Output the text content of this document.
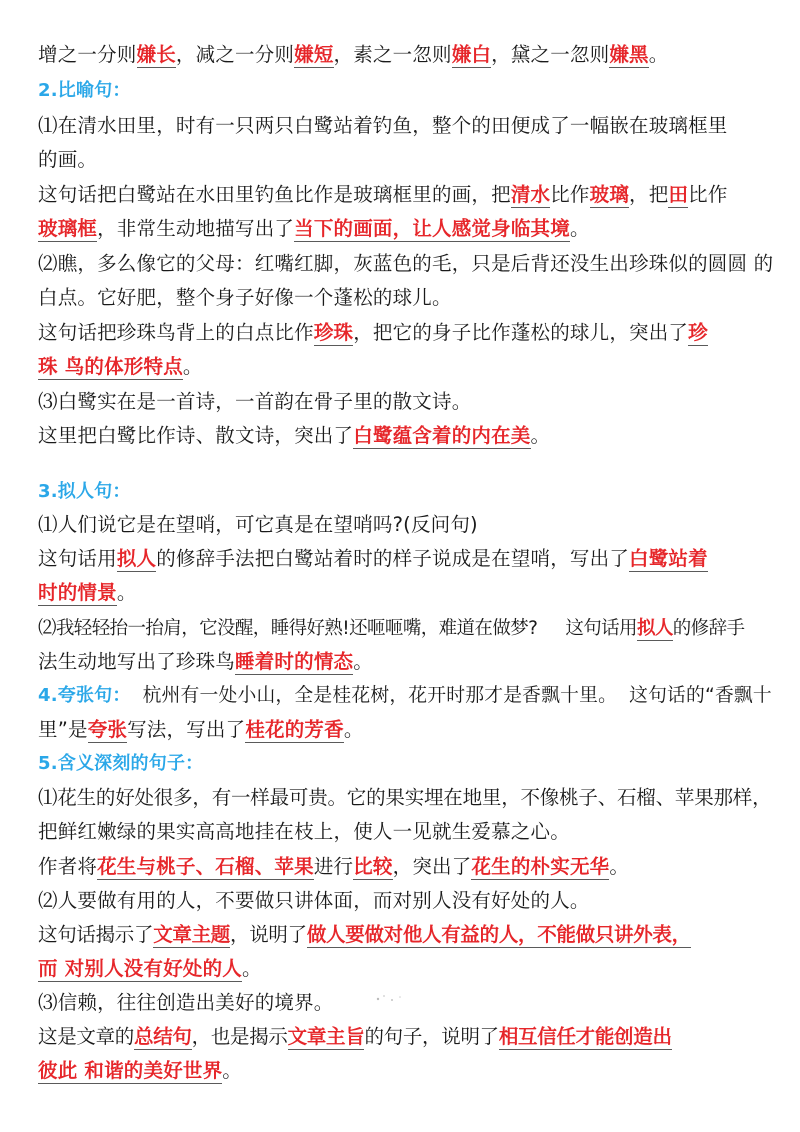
增之一分则嫌长，减之一分则嫌短，素之一忽则嫌白，黛之一忽则嫌黑。
2.比喻句：
⑴在清水田里，时有一只两只白鹭站着钓鱼，整个的田便成了一幅嵌在玻璃框里
的画。
这句话把白鹭站在水田里钓鱼比作是玻璃框里的画，把清水比作玻璃，把田比作
玻璃框，非常生动地描写出了当下的画面，让人感觉身临其境。
⑵瞧，多么像它的父母：红嘴红脚，灰蓝色的毛，只是后背还没生出珍珠似的圆圆 的
白点。它好肥，整个身子好像一个蓬松的球儿。
这句话把珍珠鸟背上的白点比作珍珠，把它的身子比作蓬松的球儿，突出了珍
珠 鸟的体形特点。
⑶白鹭实在是一首诗，一首韵在骨子里的散文诗。
这里把白鹭比作诗、散文诗，突出了白鹭蕴含着的内在美。
3.拟人句：
⑴人们说它是在望哨，可它真是在望哨吗?(反问句)
这句话用拟人的修辞手法把白鹭站着时的样子说成是在望哨，写出了白鹭站着
时的情景。
⑵我轻轻抬一抬肩，它没醒，睡得好熟!还咂咂嘴，难道在做梦? 这句话用拟人的修辞手
法生动地写出了珍珠鸟睡着时的情态。
4.夸张句： 杭州有一处小山，全是桂花树，花开时那才是香飘十里。 这句话的“香飘十
里”是夸张写法，写出了桂花的芳香。
5.含义深刻的句子：
⑴花生的好处很多，有一样最可贵。它的果实埋在地里，不像桃子、石榴、苹果那样，
把鲜红嫩绿的果实高高地挂在枝上，使人一见就生爱慕之心。
作者将花生与桃子、石榴、苹果进行比较，突出了花生的朴实无华。
⑵人要做有用的人，不要做只讲体面，而对别人没有好处的人。
这句话揭示了文章主题，说明了做人要做对他人有益的人，不能做只讲外表，
而 对别人没有好处的人。
⑶信赖，往往创造出美好的境界。
这是文章的总结句，也是揭示文章主旨的句子，说明了相互信任才能创造出
彼此 和谐的美好世界。
